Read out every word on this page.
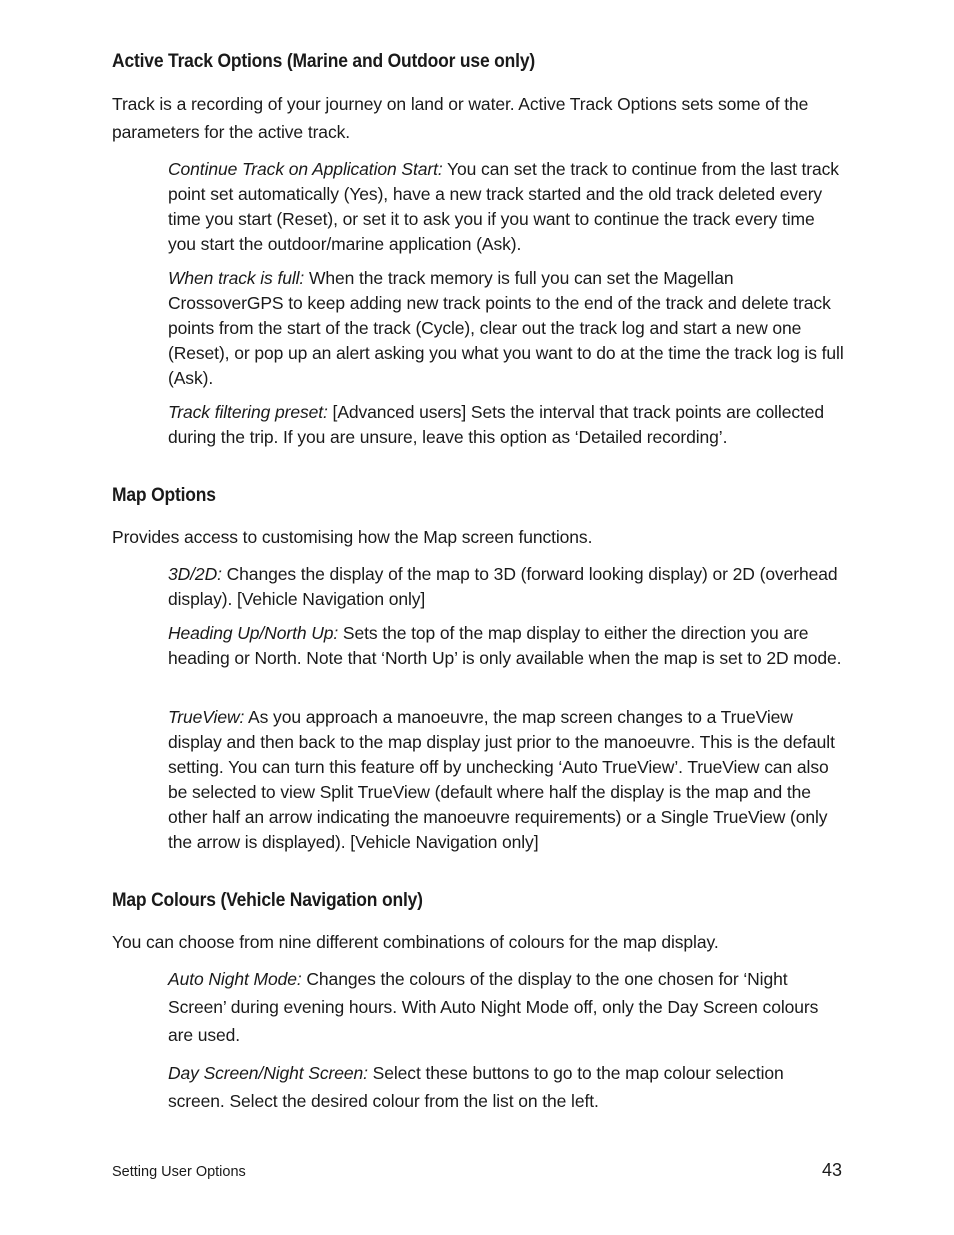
Active Track Options (Marine and Outdoor use only)

Track is a recording of your journey on land or water. Active Track Options sets some of the parameters for the active track.

Continue Track on Application Start: You can set the track to continue from the last track point set automatically (Yes), have a new track started and the old track deleted every time you start (Reset), or set it to ask you if you want to continue the track every time you start the outdoor/marine application (Ask).

When track is full: When the track memory is full you can set the Magellan CrossoverGPS to keep adding new track points to the end of the track and delete track points from the start of the track (Cycle), clear out the track log and start a new one (Reset), or pop up an alert asking you what you want to do at the time the track log is full (Ask).

Track filtering preset: [Advanced users] Sets the interval that track points are collected during the trip. If you are unsure, leave this option as ‘Detailed recording’.

Map Options

Provides access to customising how the Map screen functions.

3D/2D: Changes the display of the map to 3D (forward looking display) or 2D (overhead display). [Vehicle Navigation only]

Heading Up/North Up: Sets the top of the map display to either the direction you are heading or North. Note that ‘North Up’ is only available when the map is set to 2D mode.

TrueView: As you approach a manoeuvre, the map screen changes to a TrueView display and then back to the map display just prior to the manoeuvre. This is the default setting. You can turn this feature off by unchecking ‘Auto TrueView’. TrueView can also be selected to view Split TrueView (default where half the display is the map and the other half an arrow indicating the manoeuvre requirements) or a Single TrueView (only the arrow is displayed). [Vehicle Navigation only]

Map Colours (Vehicle Navigation only)

You can choose from nine different combinations of colours for the map display.

Auto Night Mode: Changes the colours of the display to the one chosen for ‘Night Screen’ during evening hours. With Auto Night Mode off, only the Day Screen colours are used.

Day Screen/Night Screen: Select these buttons to go to the map colour selection screen. Select the desired colour from the list on the left.

Setting User Options	43
